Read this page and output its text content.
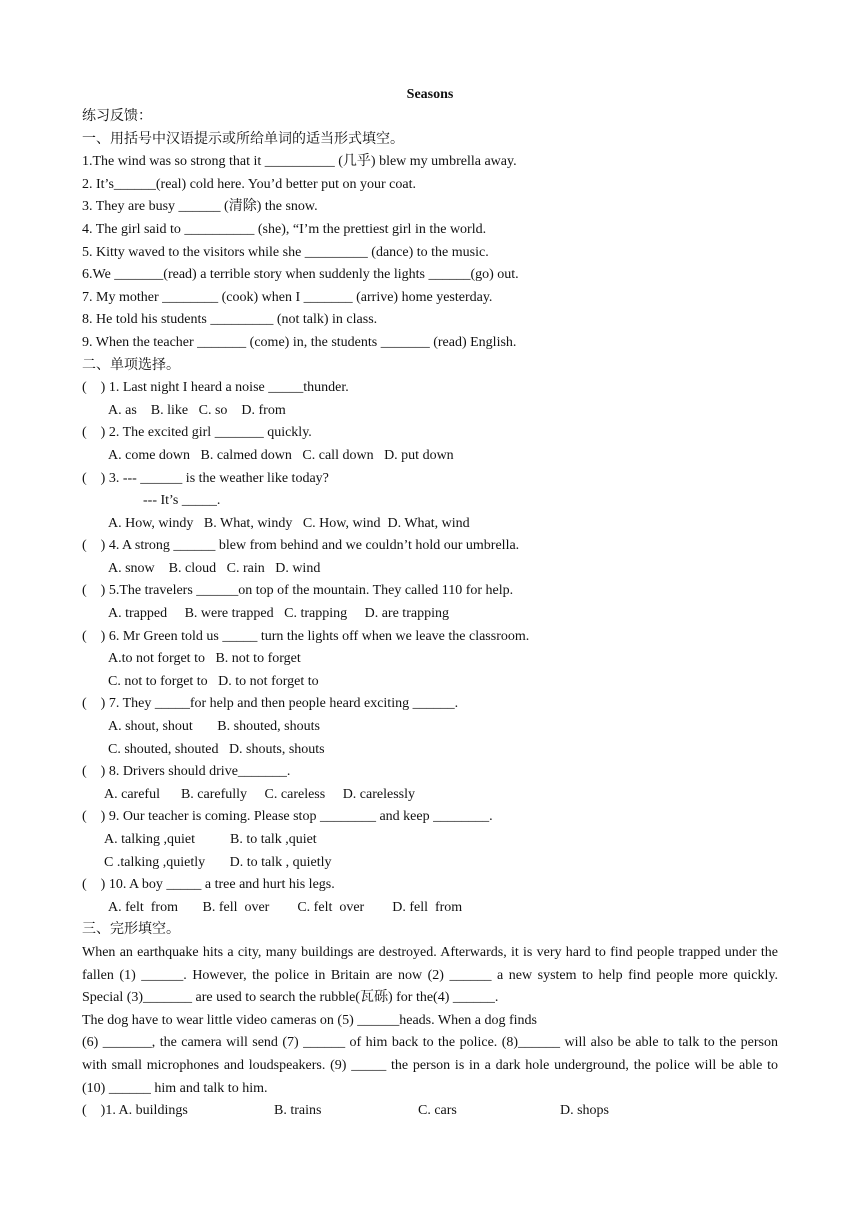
Seasons
练习反馈：
一、用括号中汉语提示或所给单词的适当形式填空。
1.The wind was so strong that it __________ (几乎) blew my umbrella away.
2. It’s______(real) cold here. You’d better put on your coat.
3. They are busy ______ (清除) the snow.
4. The girl said to __________ (she), “I’m the prettiest girl in the world.
5. Kitty waved to the visitors while she _________ (dance) to the music.
6.We _______(read) a terrible story when suddenly the lights ______(go) out.
7. My mother ________ (cook) when I _______ (arrive) home yesterday.
8. He told his students _________ (not talk) in class.
9. When the teacher _______ (come) in, the students _______ (read) English.
二、单项选择。
(    ) 1. Last night I heard a noise _____thunder.
A. as    B. like   C. so    D. from
(    ) 2. The excited girl _______ quickly.
A. come down   B. calmed down   C. call down   D. put down
(    ) 3. --- ______ is the weather like today?
--- It’s _____.
A. How, windy   B. What, windy   C. How, wind  D. What, wind
(    ) 4. A strong ______ blew from behind and we couldn’t hold our umbrella.
A. snow    B. cloud   C. rain   D. wind
(    ) 5.The travelers ______on top of the mountain. They called 110 for help.
A. trapped     B. were trapped   C. trapping     D. are trapping
(    ) 6. Mr Green told us _____ turn the lights off when we leave the classroom.
A.to not forget to   B. not to forget
C. not to forget to   D. to not forget to
(    ) 7. They _____for help and then people heard exciting ______.
A. shout, shout       B. shouted, shouts
C. shouted, shouted   D. shouts, shouts
(    ) 8. Drivers should drive_______.
A. careful      B. carefully     C. careless     D. carelessly
(    ) 9. Our teacher is coming. Please stop ________ and keep ________.
A. talking ,quiet          B. to talk ,quiet
C .talking ,quietly       D. to talk , quietly
(    ) 10. A boy _____ a tree and hurt his legs.
A. felt  from       B. fell  over        C. felt  over        D. fell  from
三、完形填空。
When an earthquake hits a city, many buildings are destroyed. Afterwards, it is very hard to find people trapped under the fallen (1) ______. However, the police in Britain are now (2) ______ a new system to help find people more quickly. Special (3)_______ are used to search the rubble(瓦砾) for the(4) ______.
The dog have to wear little video cameras on (5) ______heads. When a dog finds
(6) _______, the camera will send (7) ______ of him back to the police. (8)______ will also be able to talk to the person with small microphones and loudspeakers. (9) _____ the person is in a dark hole underground, the police will be able to (10) ______ him and talk to him.
(    )1. A. buildings	B. trains	C. cars	D. shops
